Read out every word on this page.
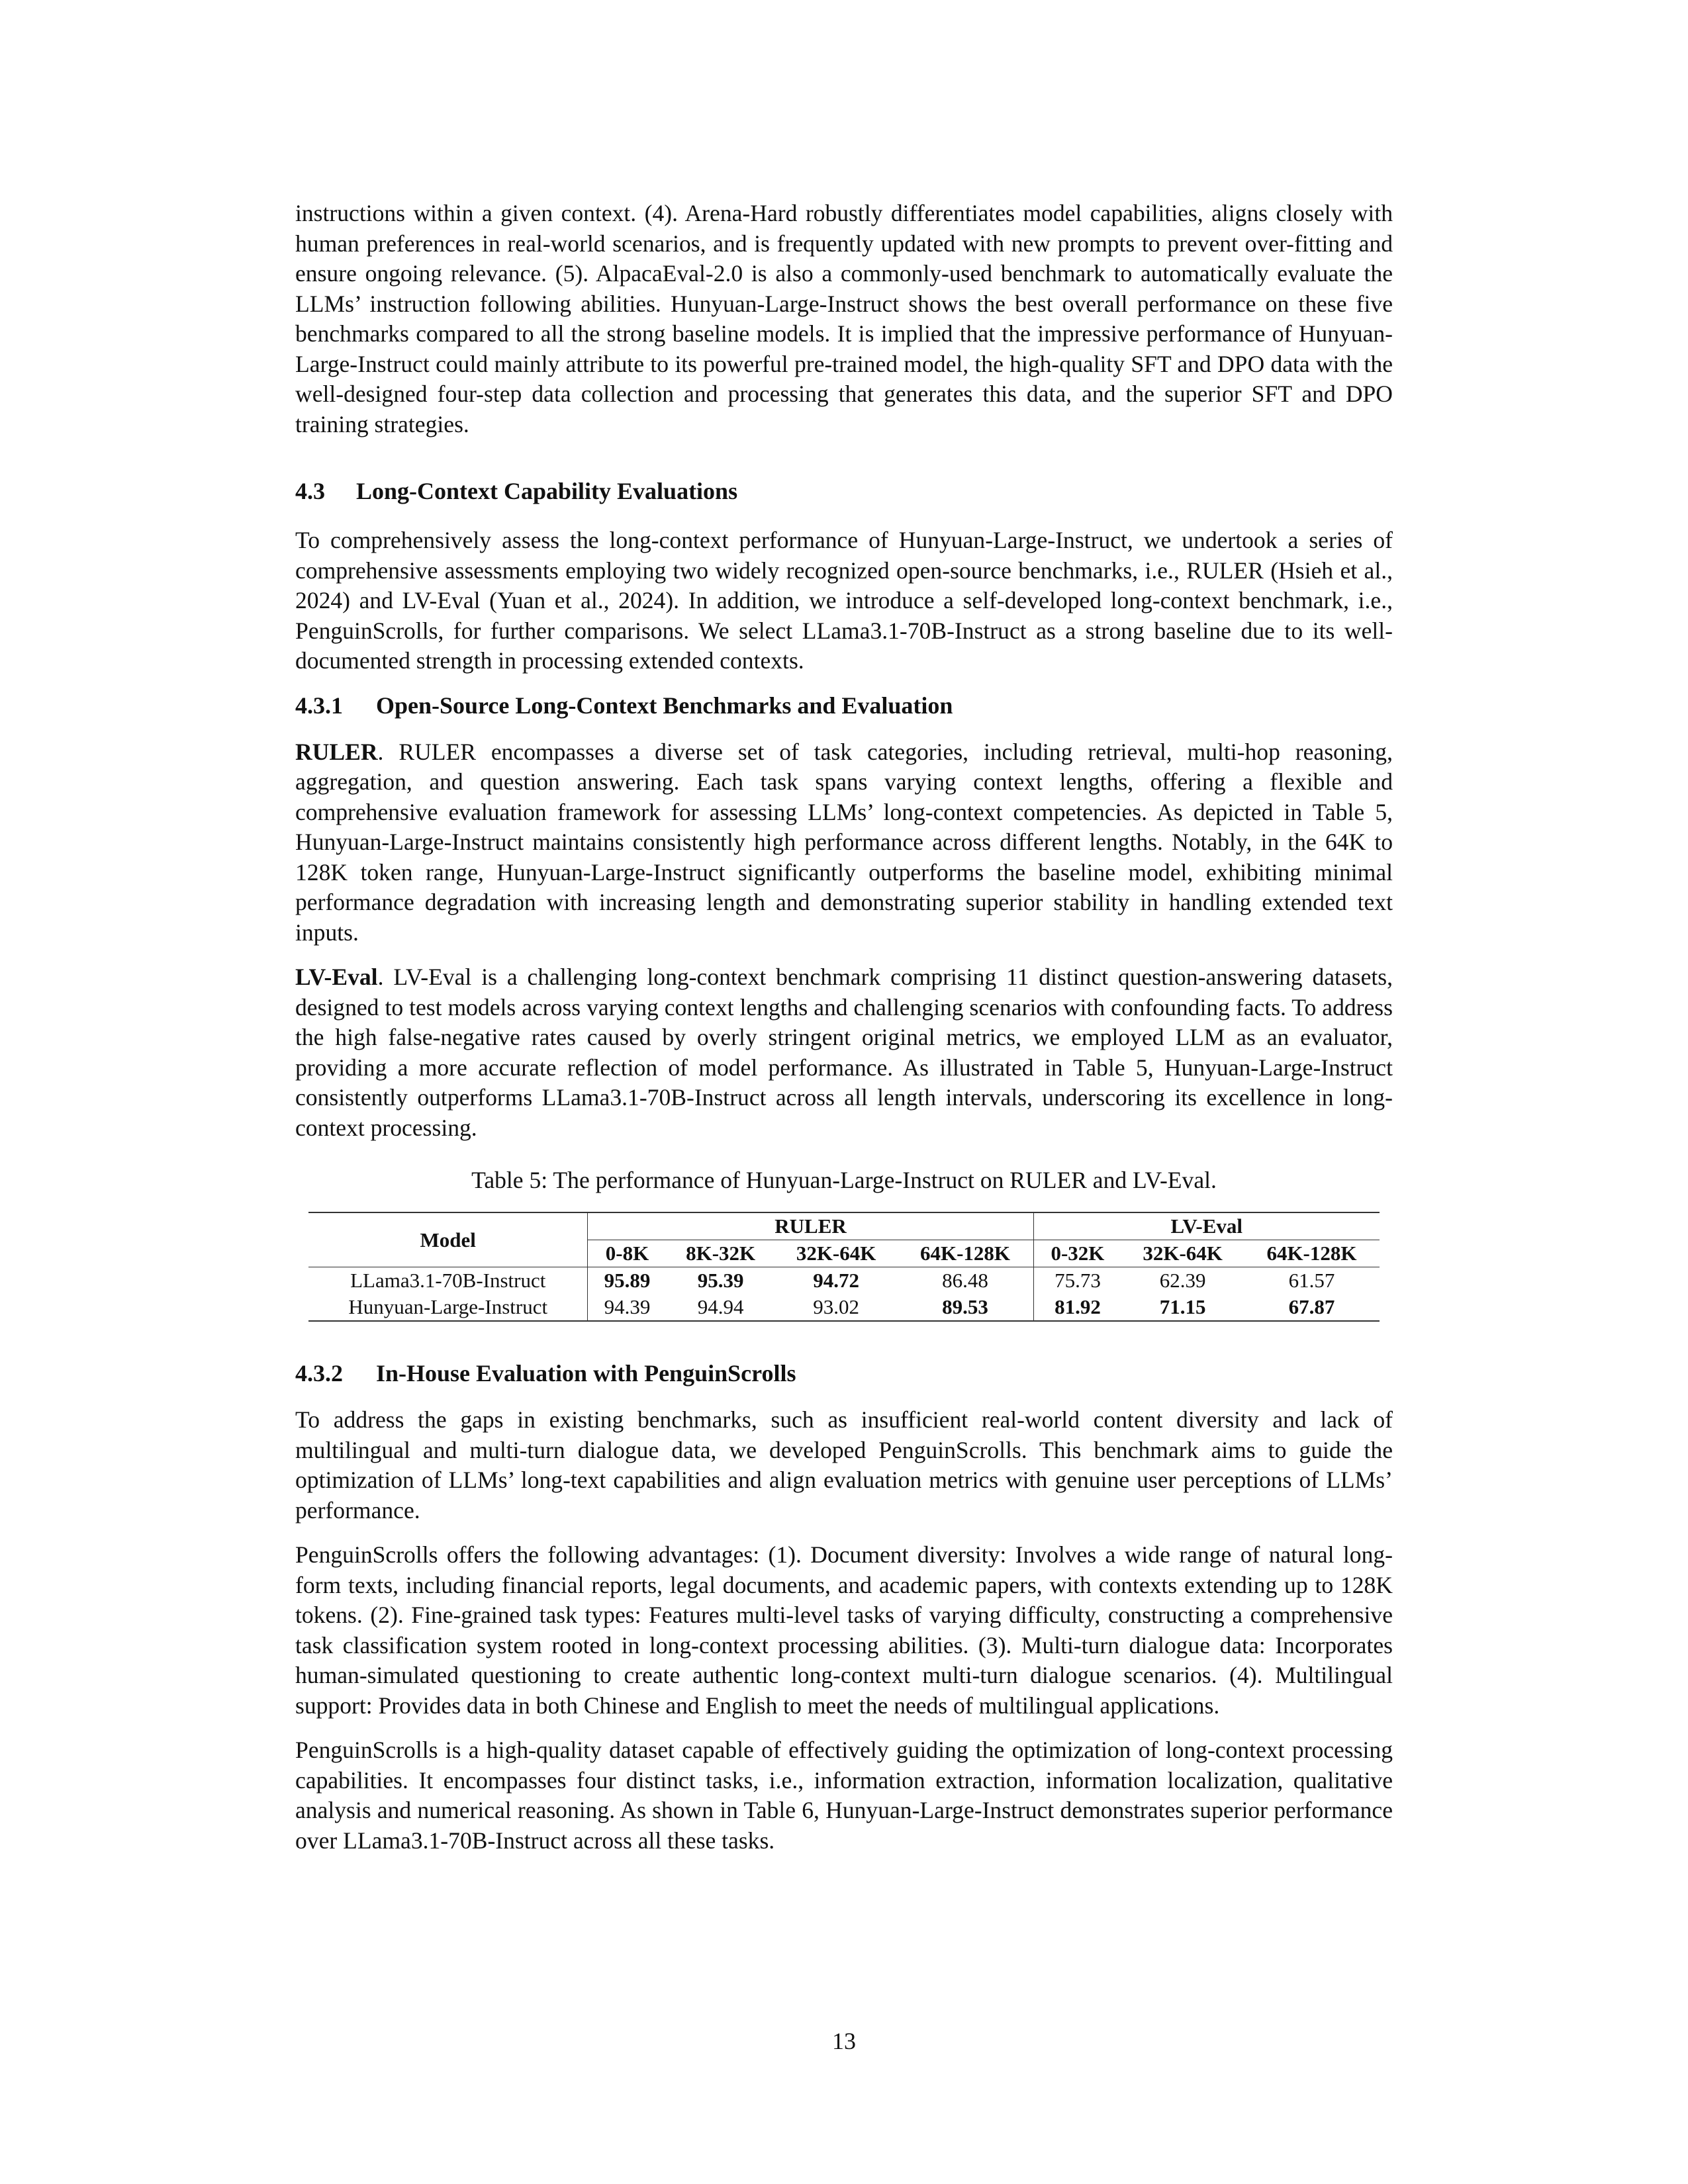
instructions within a given context. (4). Arena-Hard robustly differentiates model capabilities, aligns closely with human preferences in real-world scenarios, and is frequently updated with new prompts to prevent over-fitting and ensure ongoing relevance. (5). AlpacaEval-2.0 is also a commonly-used benchmark to automatically evaluate the LLMs’ instruction following abilities. Hunyuan-Large-Instruct shows the best overall performance on these five benchmarks compared to all the strong baseline models. It is implied that the impressive performance of Hunyuan-Large-Instruct could mainly attribute to its powerful pre-trained model, the high-quality SFT and DPO data with the well-designed four-step data collection and processing that generates this data, and the superior SFT and DPO training strategies.

4.3 Long-Context Capability Evaluations

To comprehensively assess the long-context performance of Hunyuan-Large-Instruct, we undertook a series of comprehensive assessments employing two widely recognized open-source benchmarks, i.e., RULER (Hsieh et al., 2024) and LV-Eval (Yuan et al., 2024). In addition, we introduce a self-developed long-context benchmark, i.e., PenguinScrolls, for further comparisons. We select LLama3.1-70B-Instruct as a strong baseline due to its well-documented strength in processing extended contexts.

4.3.1 Open-Source Long-Context Benchmarks and Evaluation

RULER. RULER encompasses a diverse set of task categories, including retrieval, multi-hop reasoning, aggregation, and question answering. Each task spans varying context lengths, offering a flexible and comprehensive evaluation framework for assessing LLMs’ long-context competencies. As depicted in Table 5, Hunyuan-Large-Instruct maintains consistently high performance across different lengths. Notably, in the 64K to 128K token range, Hunyuan-Large-Instruct significantly outperforms the baseline model, exhibiting minimal performance degradation with increasing length and demonstrating superior stability in handling extended text inputs.

LV-Eval. LV-Eval is a challenging long-context benchmark comprising 11 distinct question-answering datasets, designed to test models across varying context lengths and challenging scenarios with confounding facts. To address the high false-negative rates caused by overly stringent original metrics, we employed LLM as an evaluator, providing a more accurate reflection of model performance. As illustrated in Table 5, Hunyuan-Large-Instruct consistently outperforms LLama3.1-70B-Instruct across all length intervals, underscoring its excellence in long-context processing.

Table 5: The performance of Hunyuan-Large-Instruct on RULER and LV-Eval.
Model	RULER				LV-Eval		
	0-8K	8K-32K	32K-64K	64K-128K	0-32K	32K-64K	64K-128K
LLama3.1-70B-Instruct	95.89	95.39	94.72	86.48	75.73	62.39	61.57
Hunyuan-Large-Instruct	94.39	94.94	93.02	89.53	81.92	71.15	67.87
4.3.2 In-House Evaluation with PenguinScrolls

To address the gaps in existing benchmarks, such as insufficient real-world content diversity and lack of multilingual and multi-turn dialogue data, we developed PenguinScrolls. This benchmark aims to guide the optimization of LLMs’ long-text capabilities and align evaluation metrics with genuine user perceptions of LLMs’ performance.

PenguinScrolls offers the following advantages: (1). Document diversity: Involves a wide range of natural long-form texts, including financial reports, legal documents, and academic papers, with contexts extending up to 128K tokens. (2). Fine-grained task types: Features multi-level tasks of varying difficulty, constructing a comprehensive task classification system rooted in long-context processing abilities. (3). Multi-turn dialogue data: Incorporates human-simulated questioning to create authentic long-context multi-turn dialogue scenarios. (4). Multilingual support: Provides data in both Chinese and English to meet the needs of multilingual applications.

PenguinScrolls is a high-quality dataset capable of effectively guiding the optimization of long-context processing capabilities. It encompasses four distinct tasks, i.e., information extraction, information localization, qualitative analysis and numerical reasoning. As shown in Table 6, Hunyuan-Large-Instruct demonstrates superior performance over LLama3.1-70B-Instruct across all these tasks.

13
